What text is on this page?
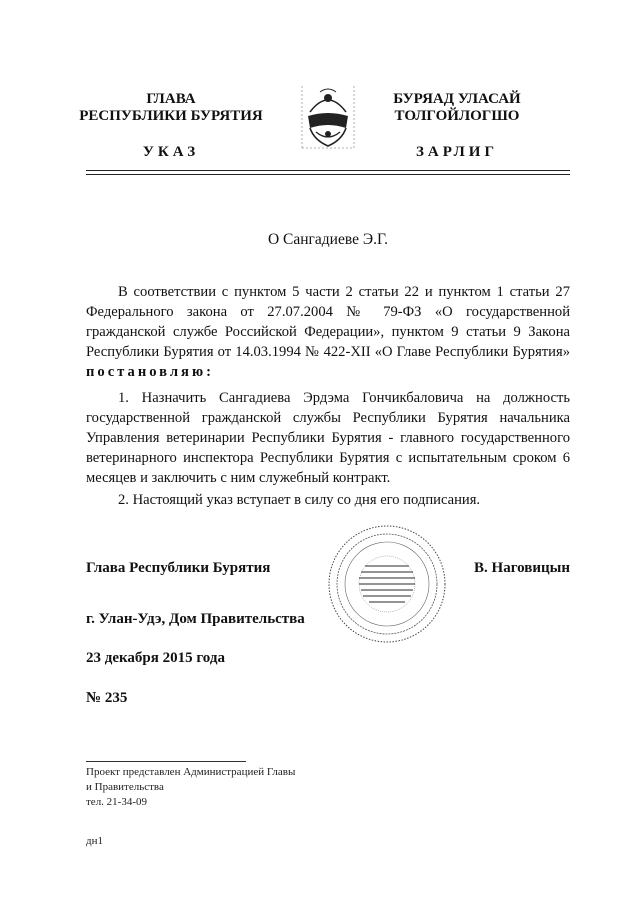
ГЛАВА
РЕСПУБЛИКИ БУРЯТИЯ
УКАЗ
БУРЯАД УЛАСАЙ
ТОЛГОЙЛОГШО
ЗАРЛИГ
О Сангадиеве Э.Г.
В соответствии с пунктом 5 части 2 статьи 22 и пунктом 1 статьи 27 Федерального закона от 27.07.2004 № 79-ФЗ «О государственной гражданской службе Российской Федерации», пунктом 9 статьи 9 Закона Республики Бурятия от 14.03.1994 № 422-XII «О Главе Республики Бурятия» постановляю:
1. Назначить Сангадиева Эрдэма Гончикбаловича на должность государственной гражданской службы Республики Бурятия начальника Управления ветеринарии Республики Бурятия - главного государственного ветеринарного инспектора Республики Бурятия с испытательным сроком 6 месяцев и заключить с ним служебный контракт.
2. Настоящий указ вступает в силу со дня его подписания.
Глава Республики Бурятия	В. Наговицын
г. Улан-Удэ, Дом Правительства
23 декабря 2015 года
№ 235
Проект представлен Администрацией Главы
и Правительства
тел. 21-34-09
дн1
